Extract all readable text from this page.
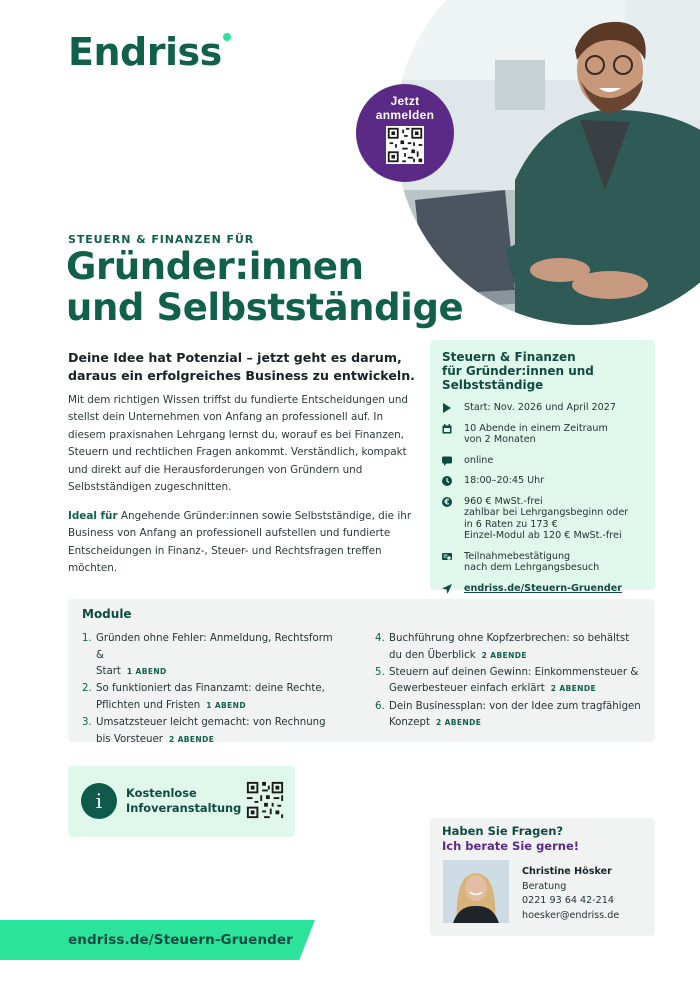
Endriss
Jetzt
anmelden
STEUERN & FINANZEN FÜR
Gründer:innen
und Selbstständige
Deine Idee hat Potenzial – jetzt geht es darum, daraus ein erfolgreiches Business zu entwickeln.
Mit dem richtigen Wissen triffst du fundierte Entscheidungen und stellst dein Unternehmen von Anfang an professionell auf. In diesem praxisnahen Lehrgang lernst du, worauf es bei Finanzen, Steuern und rechtlichen Fragen ankommt. Verständlich, kompakt und direkt auf die Herausforderungen von Gründern und Selbstständigen zugeschnitten.
Ideal für Angehende Gründer:innen sowie Selbstständige, die ihr Business von Anfang an professionell aufstellen und fundierte Entscheidungen in Finanz-, Steuer- und Rechtsfragen treffen möchten.
Steuern & Finanzen
für Gründer:innen und
Selbstständige
Start: Nov. 2026 und April 2027
10 Abende in einem Zeitraum
von 2 Monaten
online
18:00–20:45 Uhr
€ 960 € MwSt.-frei
zahlbar bei Lehrgangsbeginn oder
in 6 Raten zu 173 €
Einzel-Modul ab 120 € MwSt.-frei
Teilnahmebestätigung
nach dem Lehrgangsbesuch
endriss.de/Steuern-Gruender
Module
1. Gründen ohne Fehler: Anmeldung, Rechtsform &
Start 1 ABEND
2. So funktioniert das Finanzamt: deine Rechte,
Pflichten und Fristen 1 ABEND
3. Umsatzsteuer leicht gemacht: von Rechnung
bis Vorsteuer 2 ABENDE
4. Buchführung ohne Kopfzerbrechen: so behältst
du den Überblick 2 ABENDE
5. Steuern auf deinen Gewinn: Einkommensteuer &
Gewerbesteuer einfach erklärt 2 ABENDE
6. Dein Businessplan: von der Idee zum tragfähigen
Konzept 2 ABENDE
i	Kostenlose
Infoveranstaltung
Haben Sie Fragen?
Ich berate Sie gerne!
Christine Hösker
Beratung
0221 93 64 42-214
hoesker@endriss.de
endriss.de/Steuern-Gruender
